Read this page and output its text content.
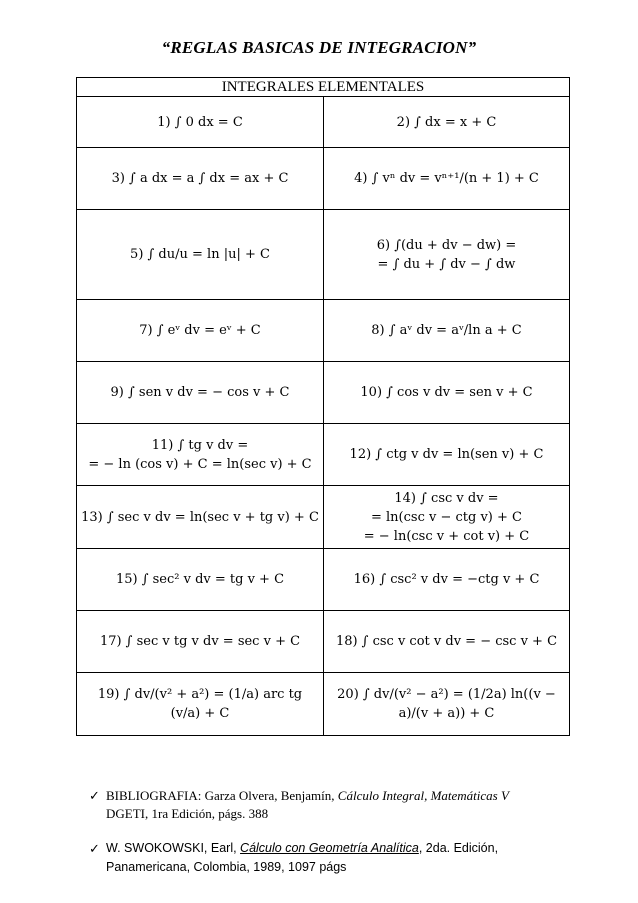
“REGLAS BASICAS DE INTEGRACION”
INTEGRALES ELEMENTALES	
1) ∫ 0 dx = C	2) ∫ dx = x + C
3) ∫ a dx = a ∫ dx = ax + C	4) ∫ vⁿ dv = vⁿ⁺¹/(n + 1) + C
5) ∫ du/u = ln |u| + C	6) ∫(du + dv − dw) =
= ∫ du + ∫ dv − ∫ dw
7) ∫ eᵛ dv = eᵛ + C	8) ∫ aᵛ dv = aᵛ/ln a + C
9) ∫ sen v dv = − cos v + C	10) ∫ cos v dv = sen v + C
11) ∫ tg v dv =
= − ln (cos v) + C = ln(sec v) + C	12) ∫ ctg v dv = ln(sen v) + C
13) ∫ sec v dv = ln(sec v + tg v) + C	14) ∫ csc v dv =
= ln(csc v − ctg v) + C
= − ln(csc v + cot v) + C
15) ∫ sec² v dv = tg v + C	16) ∫ csc² v dv = −ctg v + C
17) ∫ sec v tg v dv = sec v + C	18) ∫ csc v cot v dv = − csc v + C
19) ∫ dv/(v² + a²) = (1/a) arc tg (v/a) + C	20) ∫ dv/(v² − a²) = (1/2a) ln((v − a)/(v + a)) + C
✓ BIBLIOGRAFIA: Garza Olvera, Benjamín, Cálculo Integral, Matemáticas V DGETI, 1ra Edición, págs. 388
✓ W. SWOKOWSKI, Earl, Cálculo con Geometría Analítica, 2da. Edición, Panamericana, Colombia, 1989, 1097 págs
